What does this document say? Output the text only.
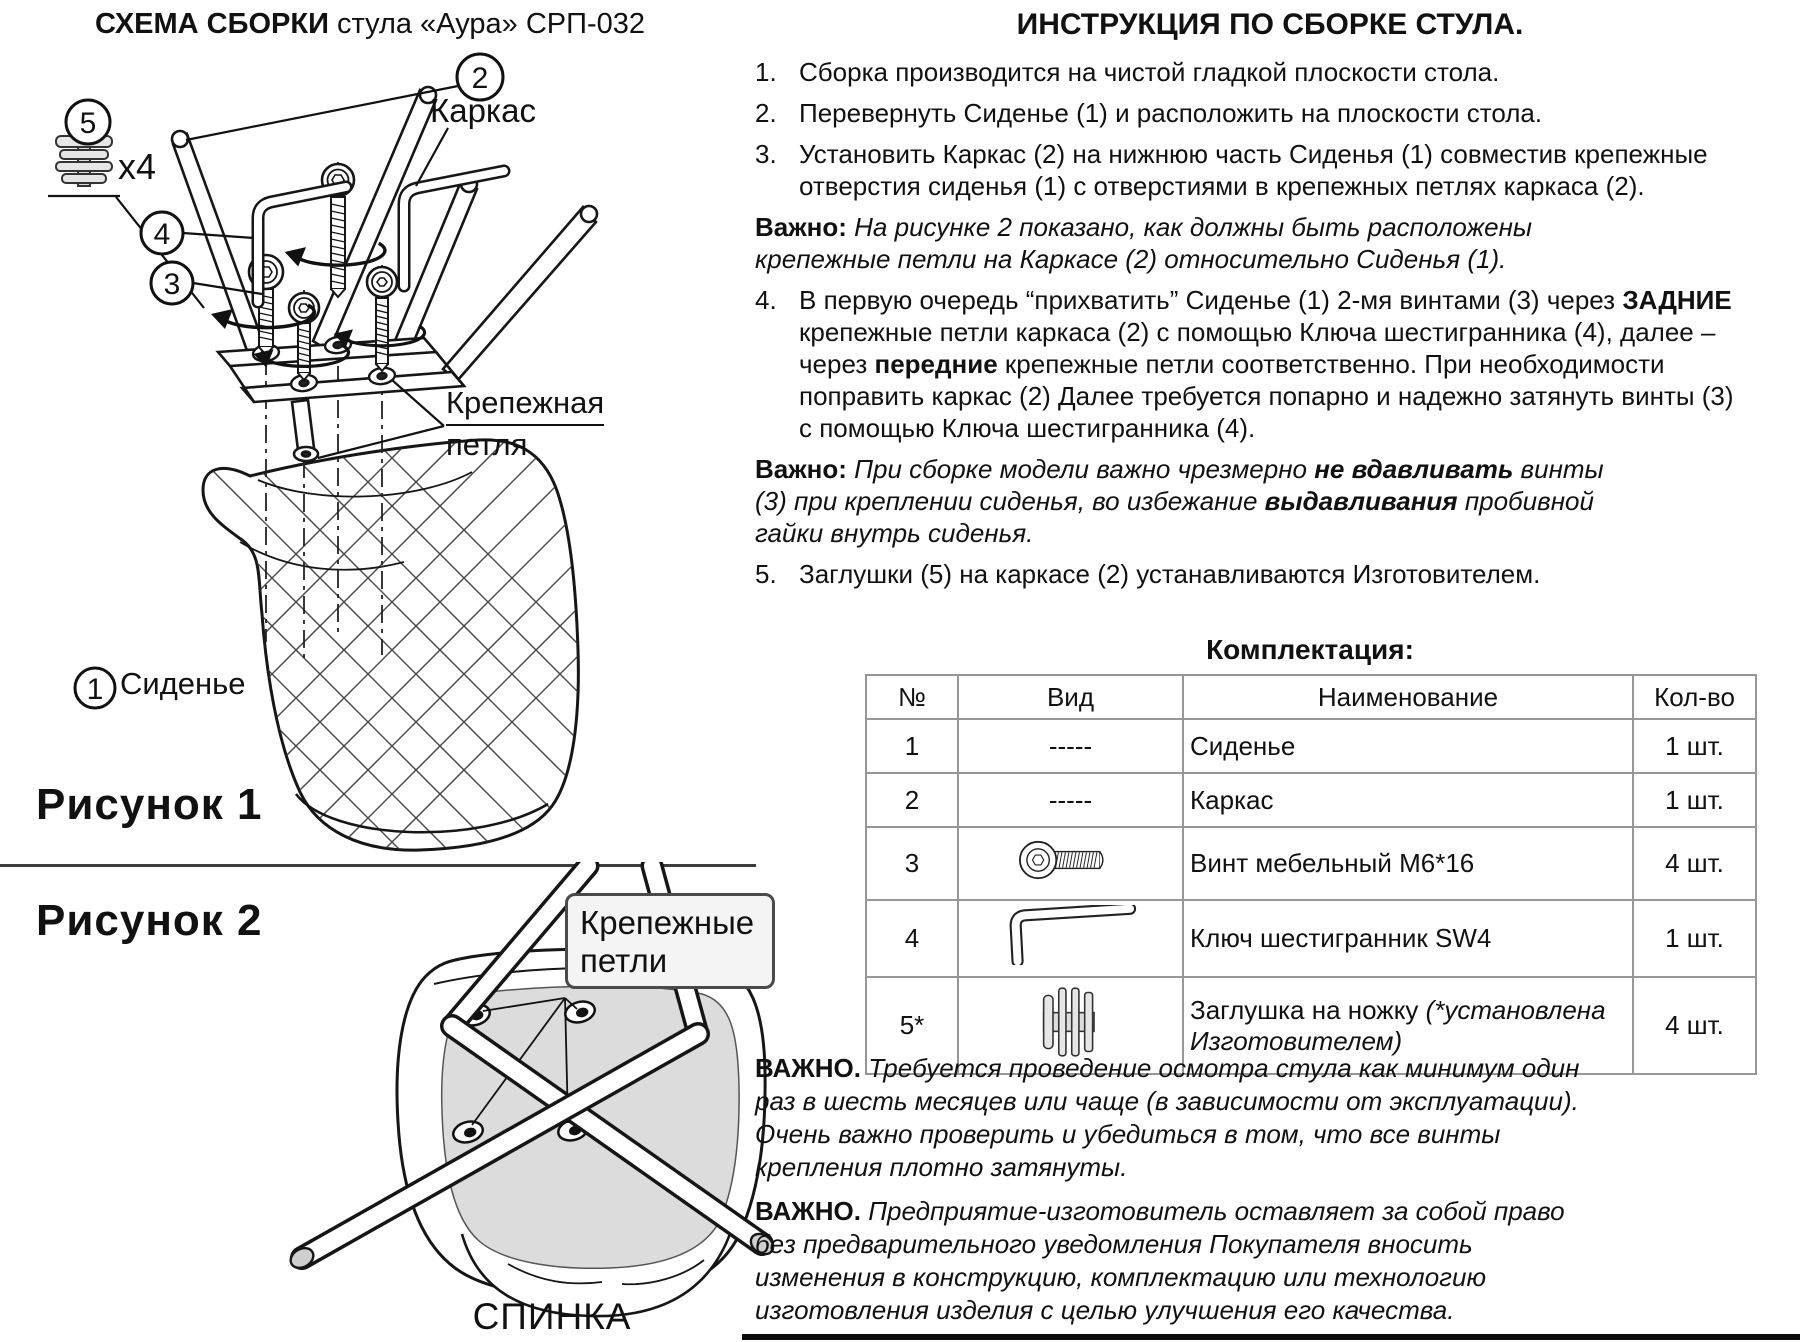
СХЕМА СБОРКИ стула «Аура» СРП-032
2
5
4
3
1
Каркас
x4
Крепежная
петля
Сиденье
Рисунок 1
Рисунок 2	Крепежные
петли
СПИНКА
ИНСТРУКЦИЯ ПО СБОРКЕ СТУЛА.
1. Сборка производится на чистой гладкой плоскости стола.
2. Перевернуть Сиденье (1) и расположить на плоскости стола.
3. Установить Каркас (2) на нижнюю часть Сиденья (1) совместив крепежные отверстия сиденья (1) с отверстиями в крепежных петлях каркаса (2).
Важно: На рисунке 2 показано, как должны быть расположены крепежные петли на Каркасе (2) относительно Сиденья (1).
4. В первую очередь “прихватить” Сиденье (1) 2-мя винтами (3) через ЗАДНИЕ крепежные петли каркаса (2) с помощью Ключа шестигранника (4), далее – через передние крепежные петли соответственно. При необходимости поправить каркас (2) Далее требуется попарно и надежно затянуть винты (3) с помощью Ключа шестигранника (4).
Важно: При сборке модели важно чрезмерно не вдавливать винты (3) при креплении сиденья, во избежание выдавливания пробивной гайки внутрь сиденья.
5. Заглушки (5) на каркасе (2) устанавливаются Изготовителем.
Комплектация:
№	Вид	Наименование	Кол-во
1	-----	Сиденье	1 шт.
2	-----	Каркас	1 шт.
3		Винт мебельный М6*16	4 шт.
4		Ключ шестигранник SW4	1 шт.
5*		Заглушка на ножку (*установлена Изготовителем)	4 шт.

ВАЖНО. Требуется проведение осмотра стула как минимум один раз в шесть месяцев или чаще (в зависимости от эксплуатации). Очень важно проверить и убедиться в том, что все винты крепления плотно затянуты.

ВАЖНО. Предприятие-изготовитель оставляет за собой право без предварительного уведомления Покупателя вносить изменения в конструкцию, комплектацию или технологию изготовления изделия с целью улучшения его качества.
